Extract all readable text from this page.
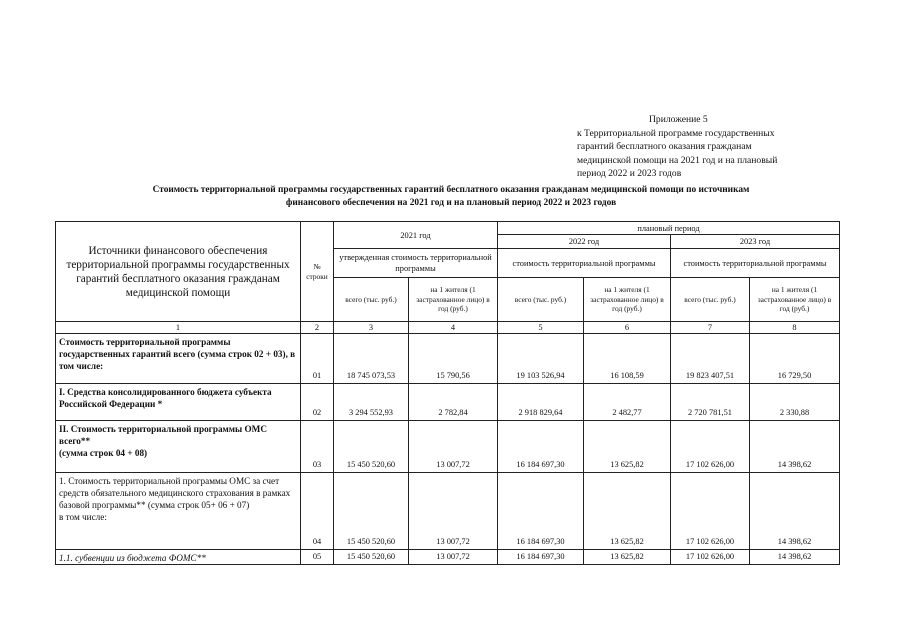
Приложение 5
к Территориальной программе государственных
гарантий бесплатного оказания гражданам
медицинской помощи на 2021 год и на плановый
период 2022 и 2023 годов
Стоимость территориальной программы государственных гарантий бесплатного оказания гражданам медицинской помощи по источникам
финансового обеспечения на 2021 год и на плановый период 2022 и 2023 годов
Источники финансового обеспечения территориальной программы государственных гарантий бесплатного оказания гражданам медицинской помощи	№ строки	2021 год		плановый период			
				2022 год		2023 год	
		утвержденная стоимость территориальной программы		стоимость территориальной программы		стоимость территориальной программы	
		всего (тыс. руб.)	на 1 жителя (1 застрахованное лицо) в год (руб.)	всего (тыс. руб.)	на 1 жителя (1 застрахованное лицо) в год (руб.)	всего (тыс. руб.)	на 1 жителя (1 застрахованное лицо) в год (руб.)
1	2	3	4	5	6	7	8
Стоимость территориальной программы государственных гарантий всего (сумма строк 02 + 03), в том числе:	01	18 745 073,53	15 790,56	19 103 526,94	16 108,59	19 823 407,51	16 729,50
I. Средства консолидированного бюджета субъекта Российской Федерации *	02	3 294 552,93	2 782,84	2 918 829,64	2 482,77	2 720 781,51	2 330,88

II. Стоимость территориальной программы ОМС всего**
(сумма строк 04 + 08)	03	15 450 520,60	13 007,72	16 184 697,30	13 625,82	17 102 626,00	14 398,62

1. Стоимость территориальной программы ОМС за счет средств обязательного медицинского страхования в рамках базовой программы** (сумма строк 05+ 06 + 07)
в том числе:	04	15 450 520,60	13 007,72	16 184 697,30	13 625,82	17 102 626,00	14 398,62
1.1. субвенции из бюджета ФОМС**	05	15 450 520,60	13 007,72	16 184 697,30	13 625,82	17 102 626,00	14 398,62
